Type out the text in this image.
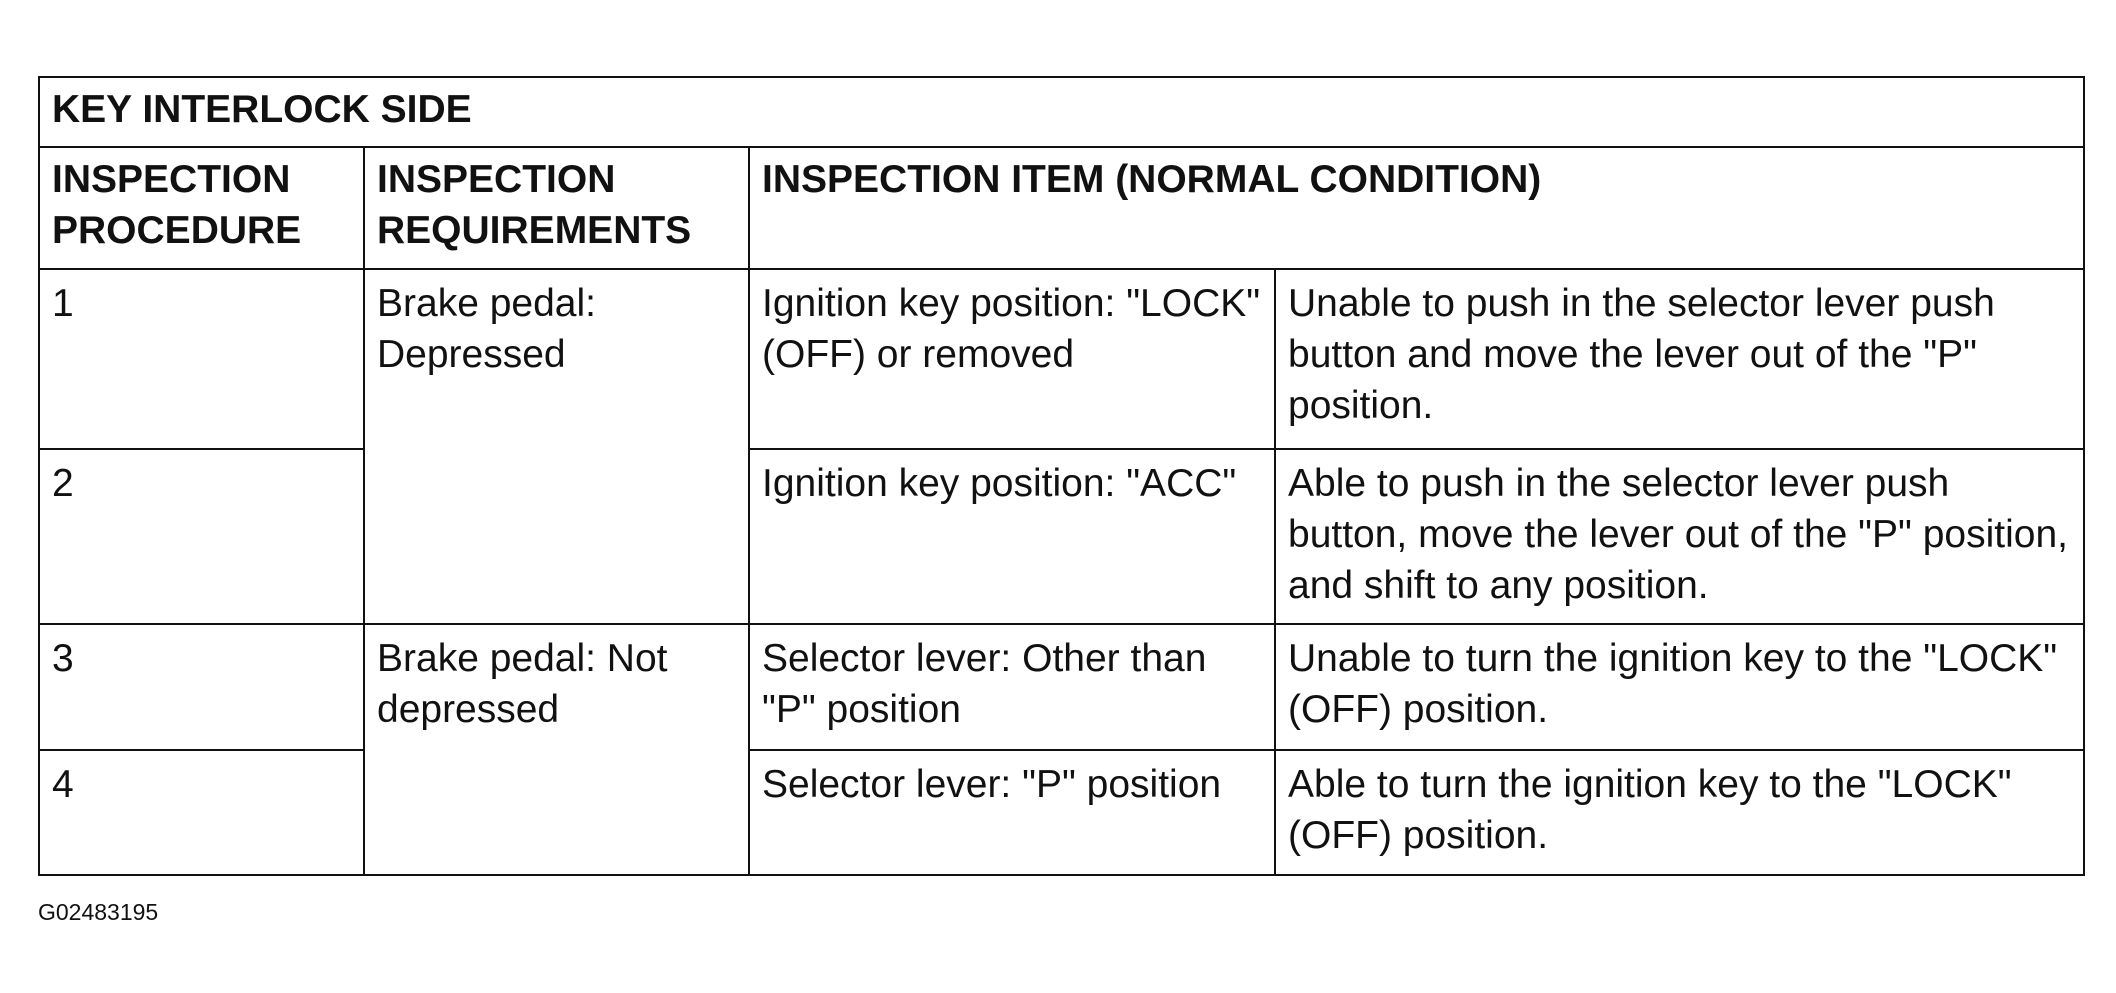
KEY INTERLOCK SIDE			
INSPECTION PROCEDURE	INSPECTION REQUIREMENTS	INSPECTION ITEM (NORMAL CONDITION)	
1	Brake pedal: Depressed	Ignition key position: "LOCK" (OFF) or removed	Unable to push in the selector lever push button and move the lever out of the "P" position.
2		Ignition key position: "ACC"	Able to push in the selector lever push button, move the lever out of the "P" position, and shift to any position.
3	Brake pedal: Not depressed	Selector lever: Other than "P" position	Unable to turn the ignition key to the "LOCK" (OFF) position.
4		Selector lever: "P" position	Able to turn the ignition key to the "LOCK" (OFF) position.
G02483195
